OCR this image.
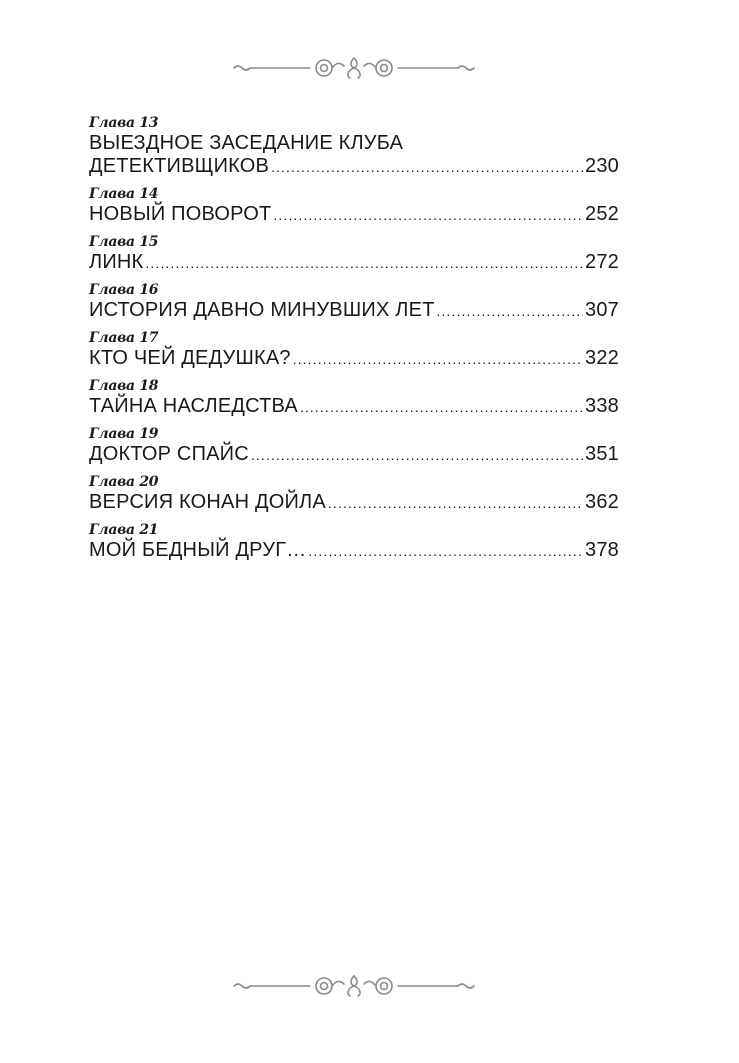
Глава 13
ВЫЕЗДНОЕ ЗАСЕДАНИЕ КЛУБА
ДЕТЕКТИВЩИКОВ .....	230
Глава 14
НОВЫЙ ПОВОРОТ .....	252
Глава 15
ЛИНК .....	272
Глава 16
ИСТОРИЯ ДАВНО МИНУВШИХ ЛЕТ .....	307
Глава 17
КТО ЧЕЙ ДЕДУШКА? .....	322
Глава 18
ТАЙНА НАСЛЕДСТВА .....	338
Глава 19
ДОКТОР СПАЙС .....	351
Глава 20
ВЕРСИЯ КОНАН ДОЙЛА .....	362
Глава 21
МОЙ БЕДНЫЙ ДРУГ… .....	378
